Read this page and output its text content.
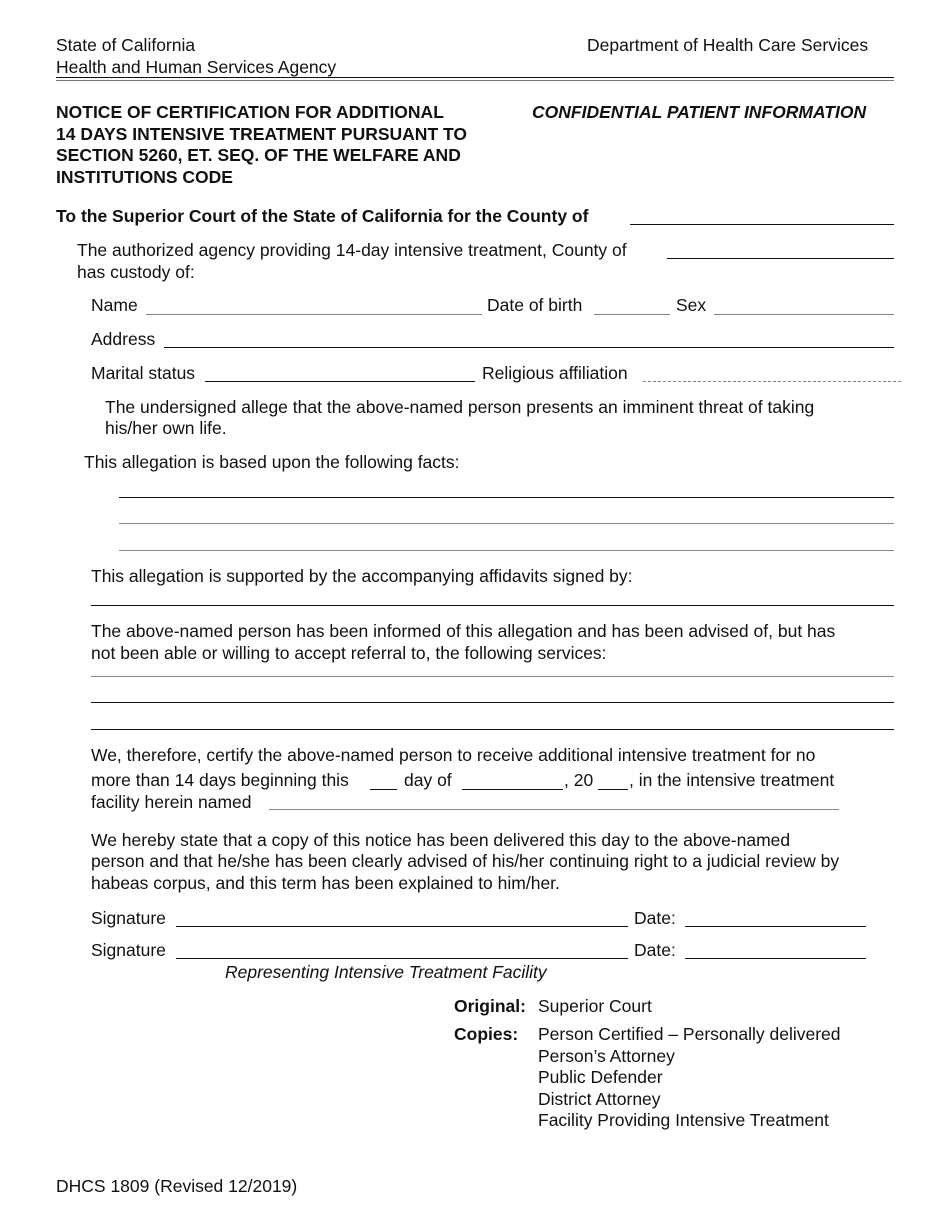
State of California
Health and Human Services Agency
Department of Health Care Services
NOTICE OF CERTIFICATION FOR ADDITIONAL
14 DAYS INTENSIVE TREATMENT PURSUANT TO
SECTION 5260, ET. SEQ. OF THE WELFARE AND
INSTITUTIONS CODE
CONFIDENTIAL PATIENT INFORMATION
To the Superior Court of the State of California for the County of
The authorized agency providing 14-day intensive treatment, County of
has custody of:
Name	Date of birth	Sex
Address
Marital status	Religious affiliation
The undersigned allege that the above-named person presents an imminent threat of taking
his/her own life.
This allegation is based upon the following facts:
This allegation is supported by the accompanying affidavits signed by:
The above-named person has been informed of this allegation and has been advised of, but has
not been able or willing to accept referral to, the following services:
We, therefore, certify the above-named person to receive additional intensive treatment for no
more than 14 days beginning this	day of	, 20 , in the intensive treatment
facility herein named
We hereby state that a copy of this notice has been delivered this day to the above-named
person and that he/she has been clearly advised of his/her continuing right to a judicial review by
habeas corpus, and this term has been explained to him/her.
Signature	Date:
Signature	Date:
Representing Intensive Treatment Facility
Original: Superior Court
Copies: Person Certified – Personally delivered
Person’s Attorney
Public Defender
District Attorney
Facility Providing Intensive Treatment
DHCS 1809 (Revised 12/2019)
